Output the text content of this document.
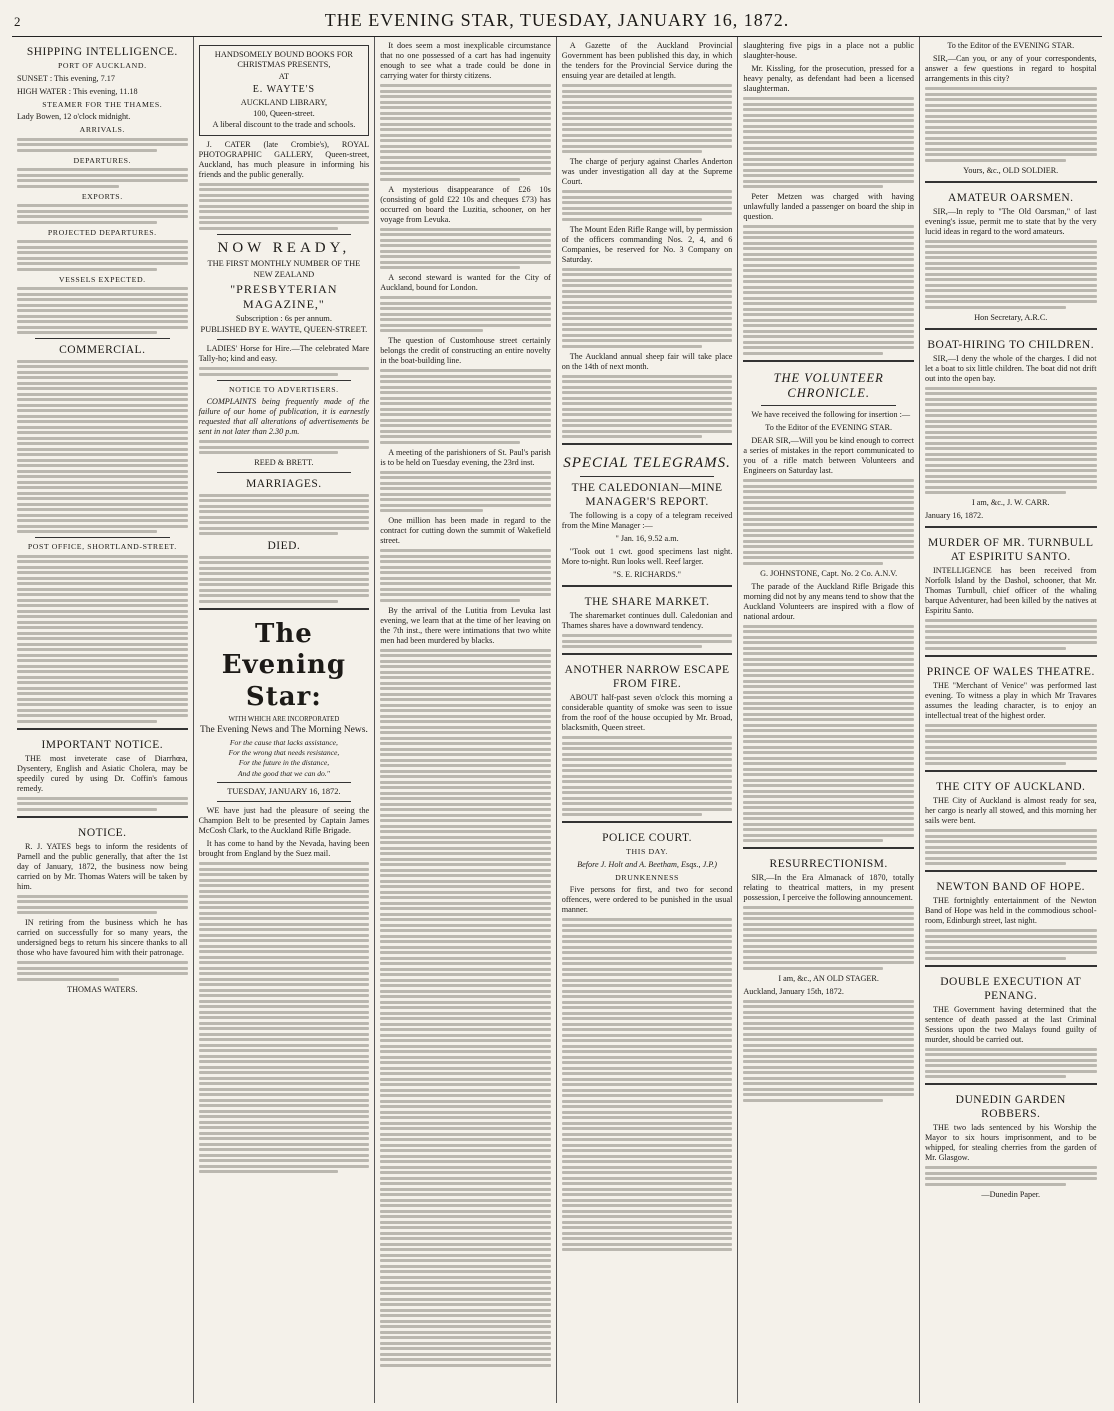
2	THE EVENING STAR, TUESDAY, JANUARY 16, 1872.
SHIPPING INTELLIGENCE.
PORT OF AUCKLAND.

SUNSET : This evening, 7.17

HIGH WATER : This evening, 11.18

STEAMER FOR THE THAMES.

Lady Bowen, 12 o'clock midnight.

ARRIVALS.
DEPARTURES.
EXPORTS.
PROJECTED DEPARTURES.
VESSELS EXPECTED.
COMMERCIAL.
POST OFFICE, SHORTLAND-STREET.
IMPORTANT NOTICE.

THE most inveterate case of Diarrhœa, Dysentery, English and Asiatic Cholera, may be speedily cured by using Dr. Coffin's famous remedy.

NOTICE.

R. J. YATES begs to inform the residents of Parnell and the public generally, that after the 1st day of January, 1872, the business now being carried on by Mr. Thomas Waters will be taken by him.

IN retiring from the business which he has carried on successfully for so many years, the undersigned begs to return his sincere thanks to all those who have favoured him with their patronage.

THOMAS WATERS.

HANDSOMELY BOUND BOOKS FOR CHRISTMAS PRESENTS,
AT
E. WAYTE'S
AUCKLAND LIBRARY,
100, Queen-street.
A liberal discount to the trade and schools.

J. CATER (late Crombie's), ROYAL PHOTOGRAPHIC GALLERY, Queen-street, Auckland, has much pleasure in informing his friends and the public generally.

NOW READY,
THE FIRST MONTHLY NUMBER OF THE
NEW ZEALAND
"PRESBYTERIAN MAGAZINE,"
Subscription : 6s per annum.
PUBLISHED BY E. WAYTE, QUEEN-STREET.

LADIES' Horse for Hire.—The celebrated Mare Tally-ho; kind and easy.

NOTICE TO ADVERTISERS.

COMPLAINTS being frequently made of the failure of our home of publication, it is earnestly requested that all alterations of advertisements be sent in not later than 2.30 p.m.

REED & BRETT.

MARRIAGES.
DIED.
The Evening Star:
WITH WHICH ARE INCORPORATED
The Evening News and The Morning News.
For the cause that lacks assistance,
For the wrong that needs resistance,
For the future in the distance,
And the good that we can do."
TUESDAY, JANUARY 16, 1872.

WE have just had the pleasure of seeing the Champion Belt to be presented by Captain James McCosh Clark, to the Auckland Rifle Brigade.

It has come to hand by the Nevada, having been brought from England by the Suez mail.

It does seem a most inexplicable circumstance that no one possessed of a cart has had ingenuity enough to see what a trade could be done in carrying water for thirsty citizens.

A mysterious disappearance of £26 10s (consisting of gold £22 10s and cheques £73) has occurred on board the Luzitia, schooner, on her voyage from Levuka.

A second steward is wanted for the City of Auckland, bound for London.

The question of Customhouse street certainly belongs the credit of constructing an entire novelty in the boat-building line.

A meeting of the parishioners of St. Paul's parish is to be held on Tuesday evening, the 23rd inst.

One million has been made in regard to the contract for cutting down the summit of Wakefield street.

By the arrival of the Lutitia from Levuka last evening, we learn that at the time of her leaving on the 7th inst., there were intimations that two white men had been murdered by blacks.

A Gazette of the Auckland Provincial Government has been published this day, in which the tenders for the Provincial Service during the ensuing year are detailed at length.

The charge of perjury against Charles Anderton was under investigation all day at the Supreme Court.

The Mount Eden Rifle Range will, by permission of the officers commanding Nos. 2, 4, and 6 Companies, be reserved for No. 3 Company on Saturday.

The Auckland annual sheep fair will take place on the 14th of next month.

SPECIAL TELEGRAMS.
THE CALEDONIAN—MINE MANAGER'S REPORT.

The following is a copy of a telegram received from the Mine Manager :—

" Jan. 16, 9.52 a.m.

"Took out 1 cwt. good specimens last night. More to-night. Run looks well. Reef larger.

"S. E. RICHARDS."

THE SHARE MARKET.

The sharemarket continues dull. Caledonian and Thames shares have a downward tendency.

ANOTHER NARROW ESCAPE FROM FIRE.

ABOUT half-past seven o'clock this morning a considerable quantity of smoke was seen to issue from the roof of the house occupied by Mr. Broad, blacksmith, Queen street.

POLICE COURT.
THIS DAY.

Before J. Holt and A. Beetham, Esqs., J.P.)

DRUNKENNESS

Five persons for first, and two for second offences, were ordered to be punished in the usual manner.

slaughtering five pigs in a place not a public slaughter-house.

Mr. Kissling, for the prosecution, pressed for a heavy penalty, as defendant had been a licensed slaughterman.

Peter Metzen was charged with having unlawfully landed a passenger on board the ship in question.

THE VOLUNTEER CHRONICLE.

We have received the following for insertion :—

To the Editor of the EVENING STAR.

DEAR SIR,—Will you be kind enough to correct a series of mistakes in the report communicated to you of a rifle match between Volunteers and Engineers on Saturday last.

G. JOHNSTONE, Capt. No. 2 Co. A.N.V.

The parade of the Auckland Rifle Brigade this morning did not by any means tend to show that the Auckland Volunteers are inspired with a flow of national ardour.

RESURRECTIONISM.

SIR,—In the Era Almanack of 1870, totally relating to theatrical matters, in my present possession, I perceive the following announcement.

I am, &c., AN OLD STAGER.

Auckland, January 15th, 1872.

To the Editor of the EVENING STAR.

SIR,—Can you, or any of your correspondents, answer a few questions in regard to hospital arrangements in this city?

Yours, &c., OLD SOLDIER.

AMATEUR OARSMEN.

SIR,—In reply to "The Old Oarsman," of last evening's issue, permit me to state that by the very lucid ideas in regard to the word amateurs.

Hon Secretary, A.R.C.

BOAT-HIRING TO CHILDREN.

SIR,—I deny the whole of the charges. I did not let a boat to six little children. The boat did not drift out into the open bay.

I am, &c., J. W. CARR.

January 16, 1872.

MURDER OF MR. TURNBULL AT ESPIRITU SANTO.

INTELLIGENCE has been received from Norfolk Island by the Dashol, schooner, that Mr. Thomas Turnbull, chief officer of the whaling barque Adventurer, had been killed by the natives at Espiritu Santo.

PRINCE OF WALES THEATRE.

THE "Merchant of Venice" was performed last evening. To witness a play in which Mr Travares assumes the leading character, is to enjoy an intellectual treat of the highest order.

THE CITY OF AUCKLAND.

THE City of Auckland is almost ready for sea, her cargo is nearly all stowed, and this morning her sails were bent.

NEWTON BAND OF HOPE.

THE fortnightly entertainment of the Newton Band of Hope was held in the commodious school-room, Edinburgh street, last night.

DOUBLE EXECUTION AT PENANG.

THE Government having determined that the sentence of death passed at the last Criminal Sessions upon the two Malays found guilty of murder, should be carried out.

DUNEDIN GARDEN ROBBERS.

THE two lads sentenced by his Worship the Mayor to six hours imprisonment, and to be whipped, for stealing cherries from the garden of Mr. Glasgow.

—Dunedin Paper.
